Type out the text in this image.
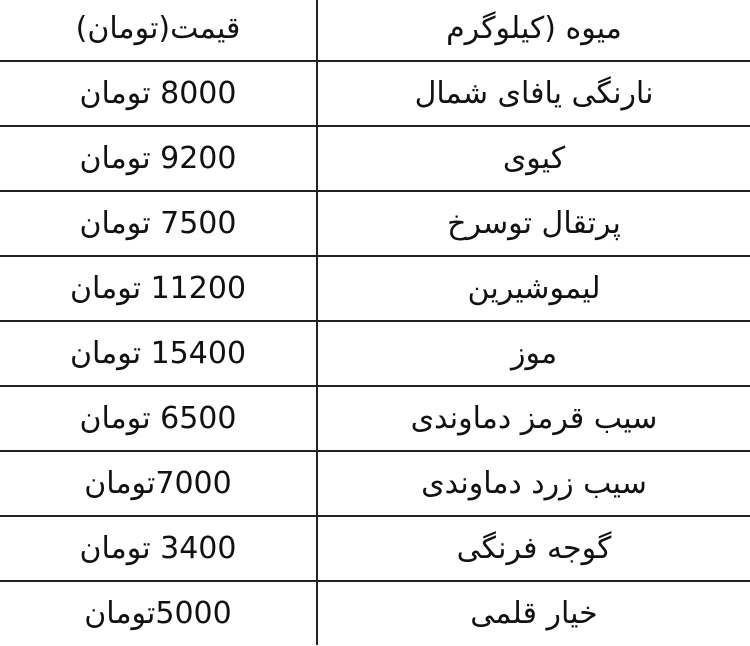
میوه (کیلوگرم	قیمت(تومان)
نارنگی یافای شمال	8000 تومان
کیوی	9200 تومان
پرتقال توسرخ	7500 تومان
لیموشیرین	11200 تومان
موز	15400 تومان
سیب قرمز دماوندی	6500 تومان
سیب زرد دماوندی	7000تومان
گوجه فرنگی	3400 تومان
خیار قلمی	5000تومان
